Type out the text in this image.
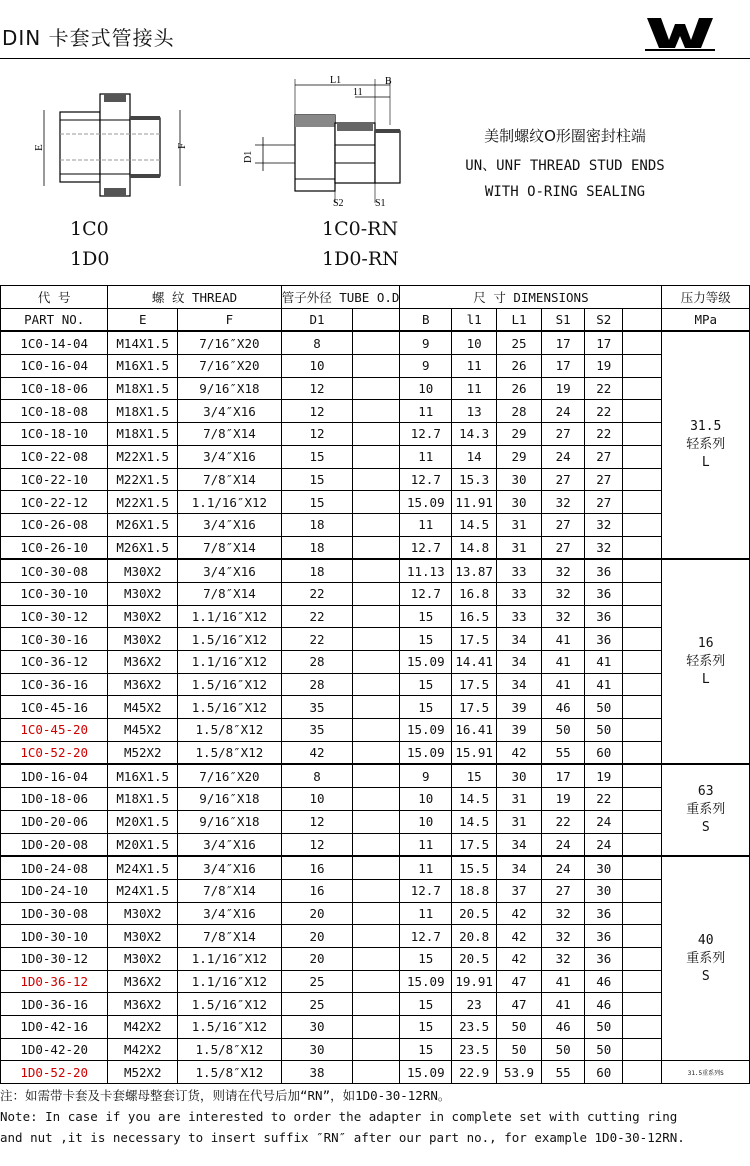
DIN 卡套式管接头
E	F
L1
11
B
D1
S2	S1
1C0
1D0
1C0-RN
1D0-RN
美制螺纹O形圈密封柱端
UN、UNF THREAD STUD ENDS
WITH O-RING SEALING
代 号	螺 纹 THREAD		管子外径 TUBE O.D		尺 寸 DIMENSIONS						压力等级
PART NO.	E	F	D1		B	l1	L1	S1	S2		MPa
1C0-14-04	M14X1.5	7/16″X20	8		9	10	25	17	17		31.5
轻系列
L

1C0-16-04	M16X1.5	7/16″X20	10		9	11	26	17	19		
1C0-18-06	M18X1.5	9/16″X18	12		10	11	26	19	22		
1C0-18-08	M18X1.5	3/4″X16	12		11	13	28	24	22		
1C0-18-10	M18X1.5	7/8″X14	12		12.7	14.3	29	27	22		
1C0-22-08	M22X1.5	3/4″X16	15		11	14	29	24	27		
1C0-22-10	M22X1.5	7/8″X14	15		12.7	15.3	30	27	27		
1C0-22-12	M22X1.5	1.1/16″X12	15		15.09	11.91	30	32	27		
1C0-26-08	M26X1.5	3/4″X16	18		11	14.5	31	27	32		
1C0-26-10	M26X1.5	7/8″X14	18		12.7	14.8	31	27	32		
1C0-30-08	M30X2	3/4″X16	18		11.13	13.87	33	32	36		16
轻系列
L

1C0-30-10	M30X2	7/8″X14	22		12.7	16.8	33	32	36		
1C0-30-12	M30X2	1.1/16″X12	22		15	16.5	33	32	36		
1C0-30-16	M30X2	1.5/16″X12	22		15	17.5	34	41	36		
1C0-36-12	M36X2	1.1/16″X12	28		15.09	14.41	34	41	41		
1C0-36-16	M36X2	1.5/16″X12	28		15	17.5	34	41	41		
1C0-45-16	M45X2	1.5/16″X12	35		15	17.5	39	46	50		
1C0-45-20	M45X2	1.5/8″X12	35		15.09	16.41	39	50	50		
1C0-52-20	M52X2	1.5/8″X12	42		15.09	15.91	42	55	60		
1D0-16-04	M16X1.5	7/16″X20	8		9	15	30	17	19		63
重系列
S

1D0-18-06	M18X1.5	9/16″X18	10		10	14.5	31	19	22		
1D0-20-06	M20X1.5	9/16″X18	12		10	14.5	31	22	24		
1D0-20-08	M20X1.5	3/4″X16	12		11	17.5	34	24	24		
1D0-24-08	M24X1.5	3/4″X16	16		11	15.5	34	24	30		40
重系列
S

1D0-24-10	M24X1.5	7/8″X14	16		12.7	18.8	37	27	30		
1D0-30-08	M30X2	3/4″X16	20		11	20.5	42	32	36		
1D0-30-10	M30X2	7/8″X14	20		12.7	20.8	42	32	36		
1D0-30-12	M30X2	1.1/16″X12	20		15	20.5	42	32	36		
1D0-36-12	M36X2	1.1/16″X12	25		15.09	19.91	47	41	46		
1D0-36-16	M36X2	1.5/16″X12	25		15	23	47	41	46		
1D0-42-16	M42X2	1.5/16″X12	30		15	23.5	50	46	50		
1D0-42-20	M42X2	1.5/8″X12	30		15	23.5	50	50	50		
1D0-52-20	M52X2	1.5/8″X12	38		15.09	22.9	53.9	55	60		31.5重系列S
注：如需带卡套及卡套螺母整套订货，则请在代号后加“RN”，如1D0-30-12RN。
Note: In case if you are interested to order the adapter in complete set with cutting ring
and nut ,it is necessary to insert suffix ″RN″ after our part no., for example 1D0-30-12RN.
